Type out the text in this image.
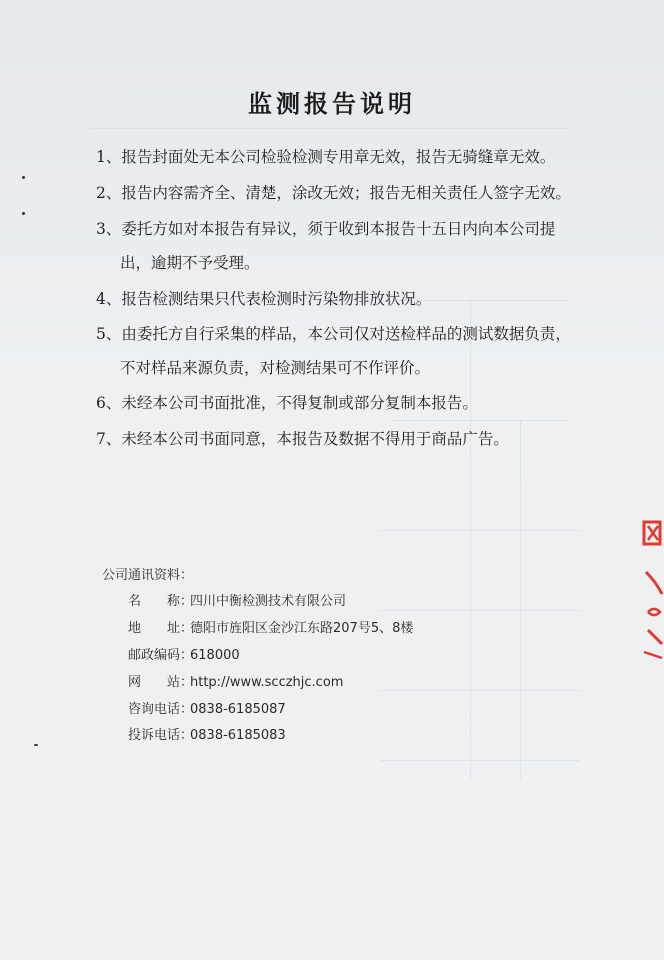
监测报告说明
1、报告封面处无本公司检验检测专用章无效，报告无骑缝章无效。
2、报告内容需齐全、清楚，涂改无效；报告无相关责任人签字无效。
3、委托方如对本报告有异议，须于收到本报告十五日内向本公司提
出，逾期不予受理。
4、报告检测结果只代表检测时污染物排放状况。
5、由委托方自行采集的样品，本公司仅对送检样品的测试数据负责，
不对样品来源负责，对检测结果可不作评价。
6、未经本公司书面批准，不得复制或部分复制本报告。
7、未经本公司书面同意，本报告及数据不得用于商品广告。
公司通讯资料：
名　　称：四川中衡检测技术有限公司
地　　址：德阳市旌阳区金沙江东路207号5、8楼
邮政编码：618000
网　　站：http://www.scczhjc.com
咨询电话：0838-6185087
投诉电话：0838-6185083
